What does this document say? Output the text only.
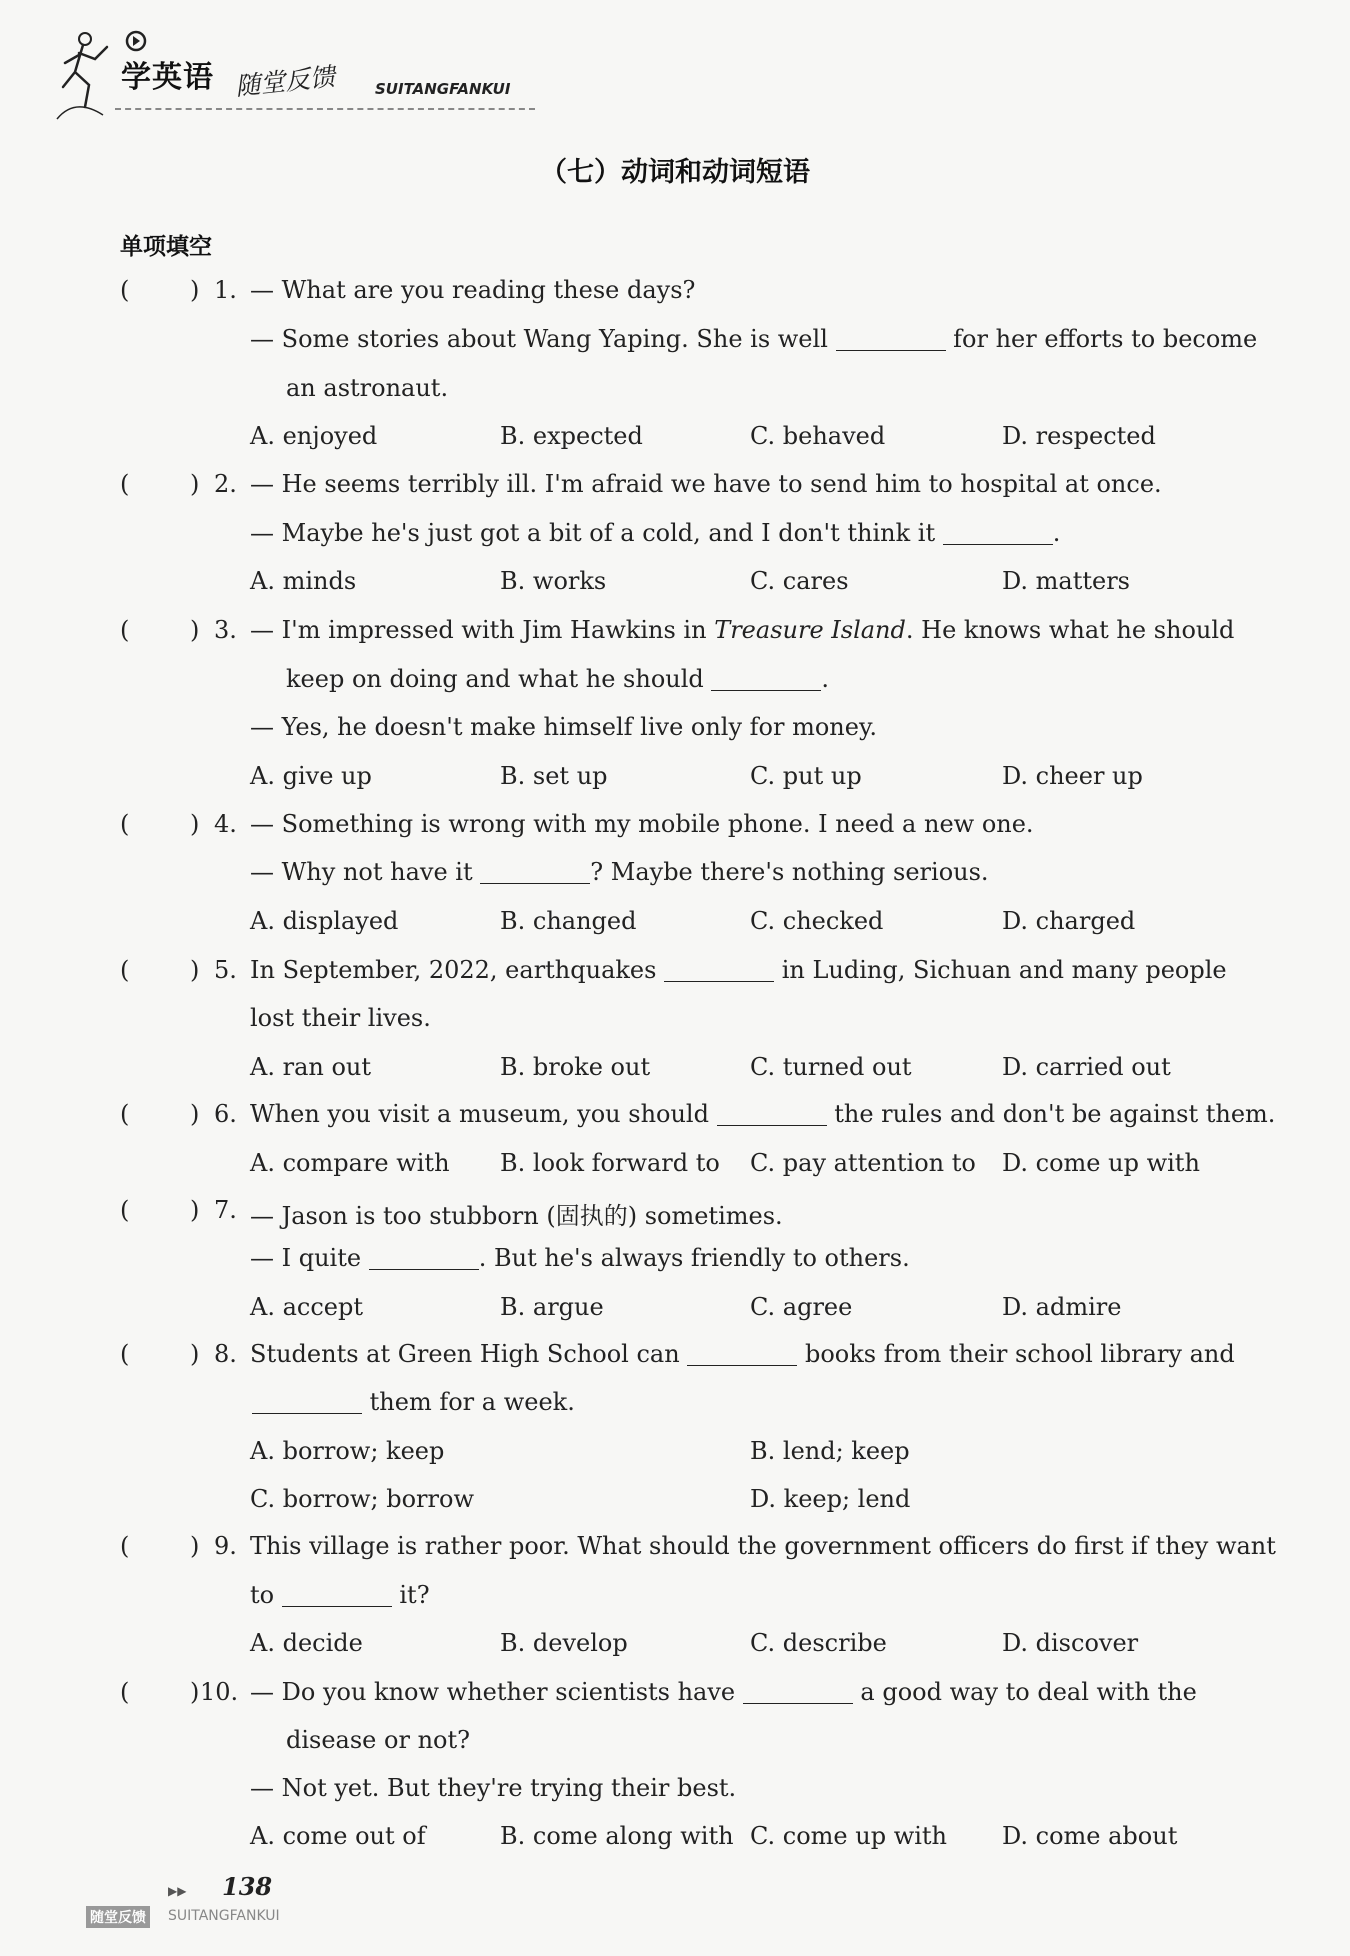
学英语 随堂反馈	SUITANGFANKUI
（七）动词和动词短语
单项填空
(	) 1. — What are you reading these days?
— Some stories about Wang Yaping. She is well	for her efforts to become
an astronaut.
A. enjoyed	B. expected	C. behaved	D. respected
(	) 2. — He seems terribly ill. I'm afraid we have to send him to hospital at once.
— Maybe he's just got a bit of a cold, and I don't think it	.
A. minds	B. works	C. cares	D. matters
(	) 3. — I'm impressed with Jim Hawkins in Treasure Island. He knows what he should
keep on doing and what he should	.
— Yes, he doesn't make himself live only for money.
A. give up	B. set up	C. put up	D. cheer up
(	) 4. — Something is wrong with my mobile phone. I need a new one.
— Why not have it	? Maybe there's nothing serious.
A. displayed	B. changed	C. checked	D. charged
(	) 5. In September, 2022, earthquakes	in Luding, Sichuan and many people
lost their lives.
A. ran out	B. broke out	C. turned out	D. carried out
(	) 6. When you visit a museum, you should	the rules and don't be against them.
A. compare with B. look forward to C. pay attention to D. come up with
(	) 7. — Jason is too stubborn (固执的) sometimes.
— I quite	. But he's always friendly to others.
A. accept	B. argue	C. agree	D. admire
(	) 8. Students at Green High School can	books from their school library and
them for a week.
A. borrow; keep	B. lend; keep
C. borrow; borrow	D. keep; lend
(	) 9. This village is rather poor. What should the government officers do first if they want
to	it?
A. decide	B. develop	C. describe	D. discover
(	) 10. — Do you know whether scientists have	a good way to deal with the
disease or not?
— Not yet. But they're trying their best.
A. come out of	B. come along with C. come up with D. come about
▶▶ 138
随堂反馈 SUITANGFANKUI
